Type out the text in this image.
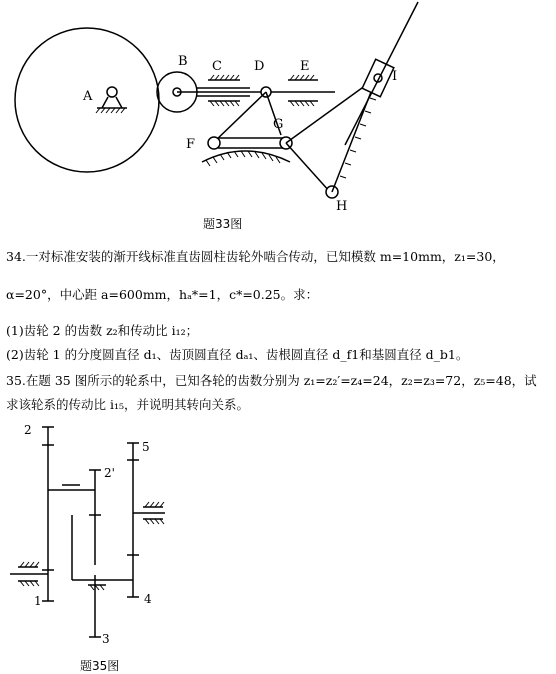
A
B C D	E
F
G
H
I
题33图
34.一对标准安装的渐开线标准直齿圆柱齿轮外啮合传动，已知模数 m=10mm，z₁=30，
α=20°，中心距 a=600mm，hₐ*=1，c*=0.25。求：
(1)齿轮 2 的齿数 z₂和传动比 i₁₂；
(2)齿轮 1 的分度圆直径 d₁、齿顶圆直径 dₐ₁、齿根圆直径 d_f1和基圆直径 d_b1。
35.在题 35 图所示的轮系中，已知各轮的齿数分别为 z₁=z₂′=z₄=24，z₂=z₃=72，z₅=48，试
求该轮系的传动比 i₁₅，并说明其转向关系。
2
2'
5
1	4
3
题35图
